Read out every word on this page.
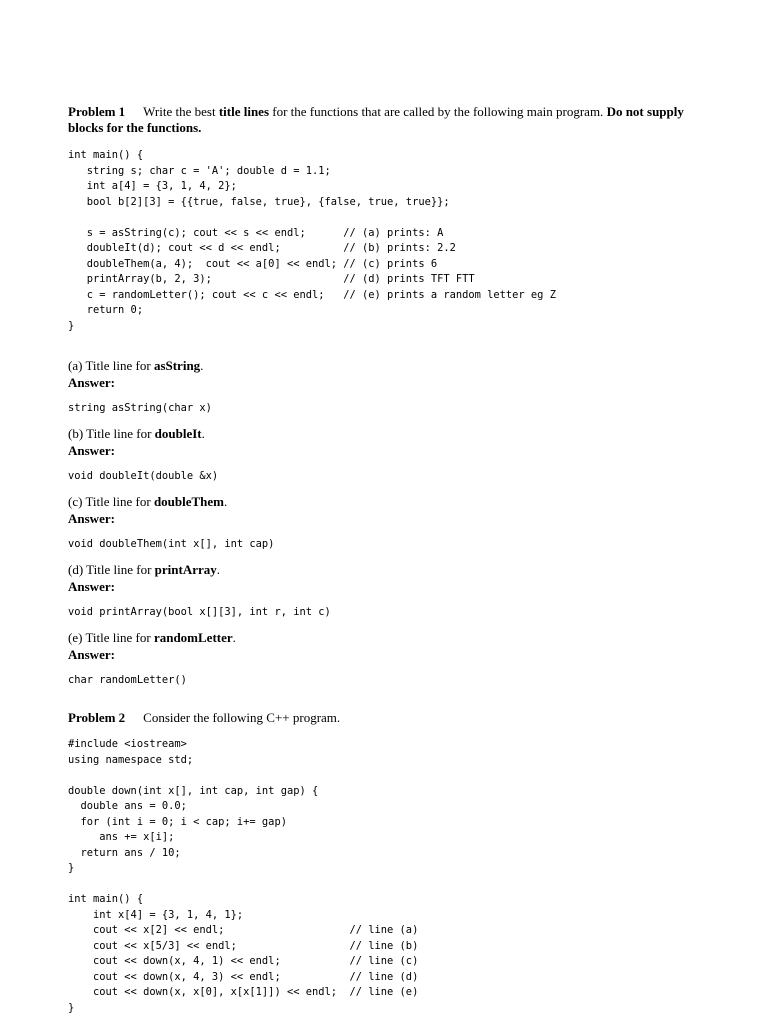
Problem 1 Write the best title lines for the functions that are called by the following main program. Do not supply blocks for the functions.

int main() {
string s; char c = 'A'; double d = 1.1;
int a[4] = {3, 1, 4, 2};
bool b[2][3] = {{true, false, true}, {false, true, true}};

s = asString(c); cout << s << endl;      // (a) prints: A
doubleIt(d); cout << d << endl;          // (b) prints: 2.2
doubleThem(a, 4);  cout << a[0] << endl; // (c) prints 6
printArray(b, 2, 3);                     // (d) prints TFT FTT
c = randomLetter(); cout << c << endl;   // (e) prints a random letter eg Z
return 0;
}

(a) Title line for asString.

Answer:

string asString(char x)

(b) Title line for doubleIt.

Answer:

void doubleIt(double &x)

(c) Title line for doubleThem.

Answer:

void doubleThem(int x[], int cap)

(d) Title line for printArray.

Answer:

void printArray(bool x[][3], int r, int c)

(e) Title line for randomLetter.

Answer:

char randomLetter()

Problem 2 Consider the following C++ program.

#include <iostream>
using namespace std;

double down(int x[], int cap, int gap) {
double ans = 0.0;
for (int i = 0; i < cap; i+= gap)
ans += x[i];
return ans / 10;
}

int main() {
int x[4] = {3, 1, 4, 1};
cout << x[2] << endl;                    // line (a)
cout << x[5/3] << endl;                  // line (b)
cout << down(x, 4, 1) << endl;           // line (c)
cout << down(x, 4, 3) << endl;           // line (d)
cout << down(x, x[0], x[x[1]]) << endl;  // line (e)
}
